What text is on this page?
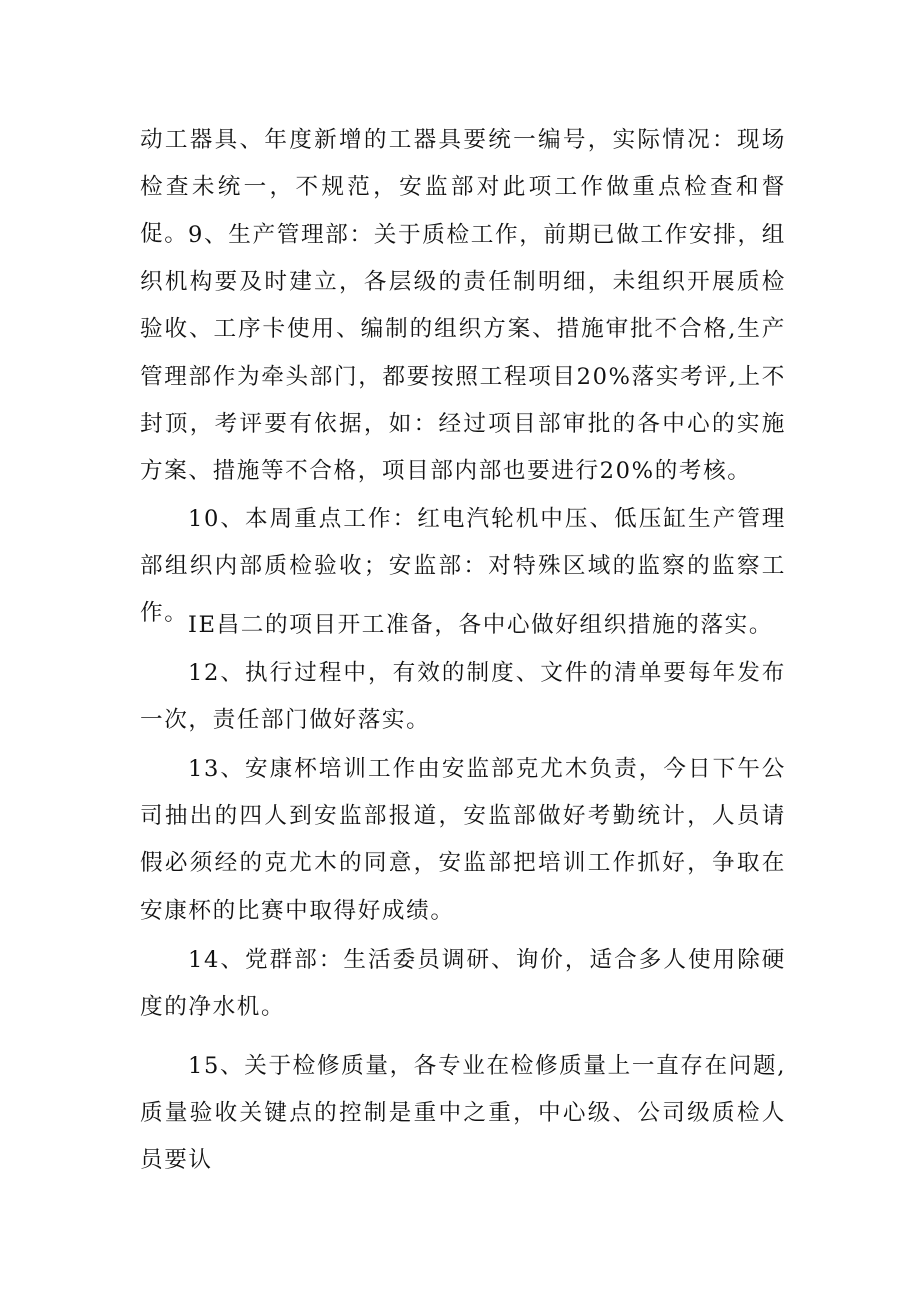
动工器具、年度新增的工器具要统一编号，实际情况：现场检查未统一，不规范，安监部对此项工作做重点检查和督促。 9、生产管理部：关于质检工作，前期已做工作安排，组织机构要及时建立，各层级的责任制明细，未组织开展质检验收、工序卡使用、编制的组织方案、措施审批不合格,生产管理部作为牵头部门，都要按照工程项目20%落实考评,上不封顶，考评要有依据，如：经过项目部审批的各中心的实施方案、措施等不合格，项目部内部也要进行20%的考核。

10、本周重点工作：红电汽轮机中压、低压缸生产管理部组织内部质检验收；安监部：对特殊区域的监察的监察工作。 IE昌二的项目开工准备，各中心做好组织措施的落实。

12、执行过程中，有效的制度、文件的清单要每年发布一次，责任部门做好落实。

13、安康杯培训工作由安监部克尤木负责，今日下午公司抽出的四人到安监部报道，安监部做好考勤统计，人员请假必须经的克尤木的同意，安监部把培训工作抓好，争取在安康杯的比赛中取得好成绩。

14、党群部：生活委员调研、询价，适合多人使用除硬度的净水机。

15、关于检修质量，各专业在检修质量上一直存在问题,质量验收关键点的控制是重中之重，中心级、公司级质检人员要认
